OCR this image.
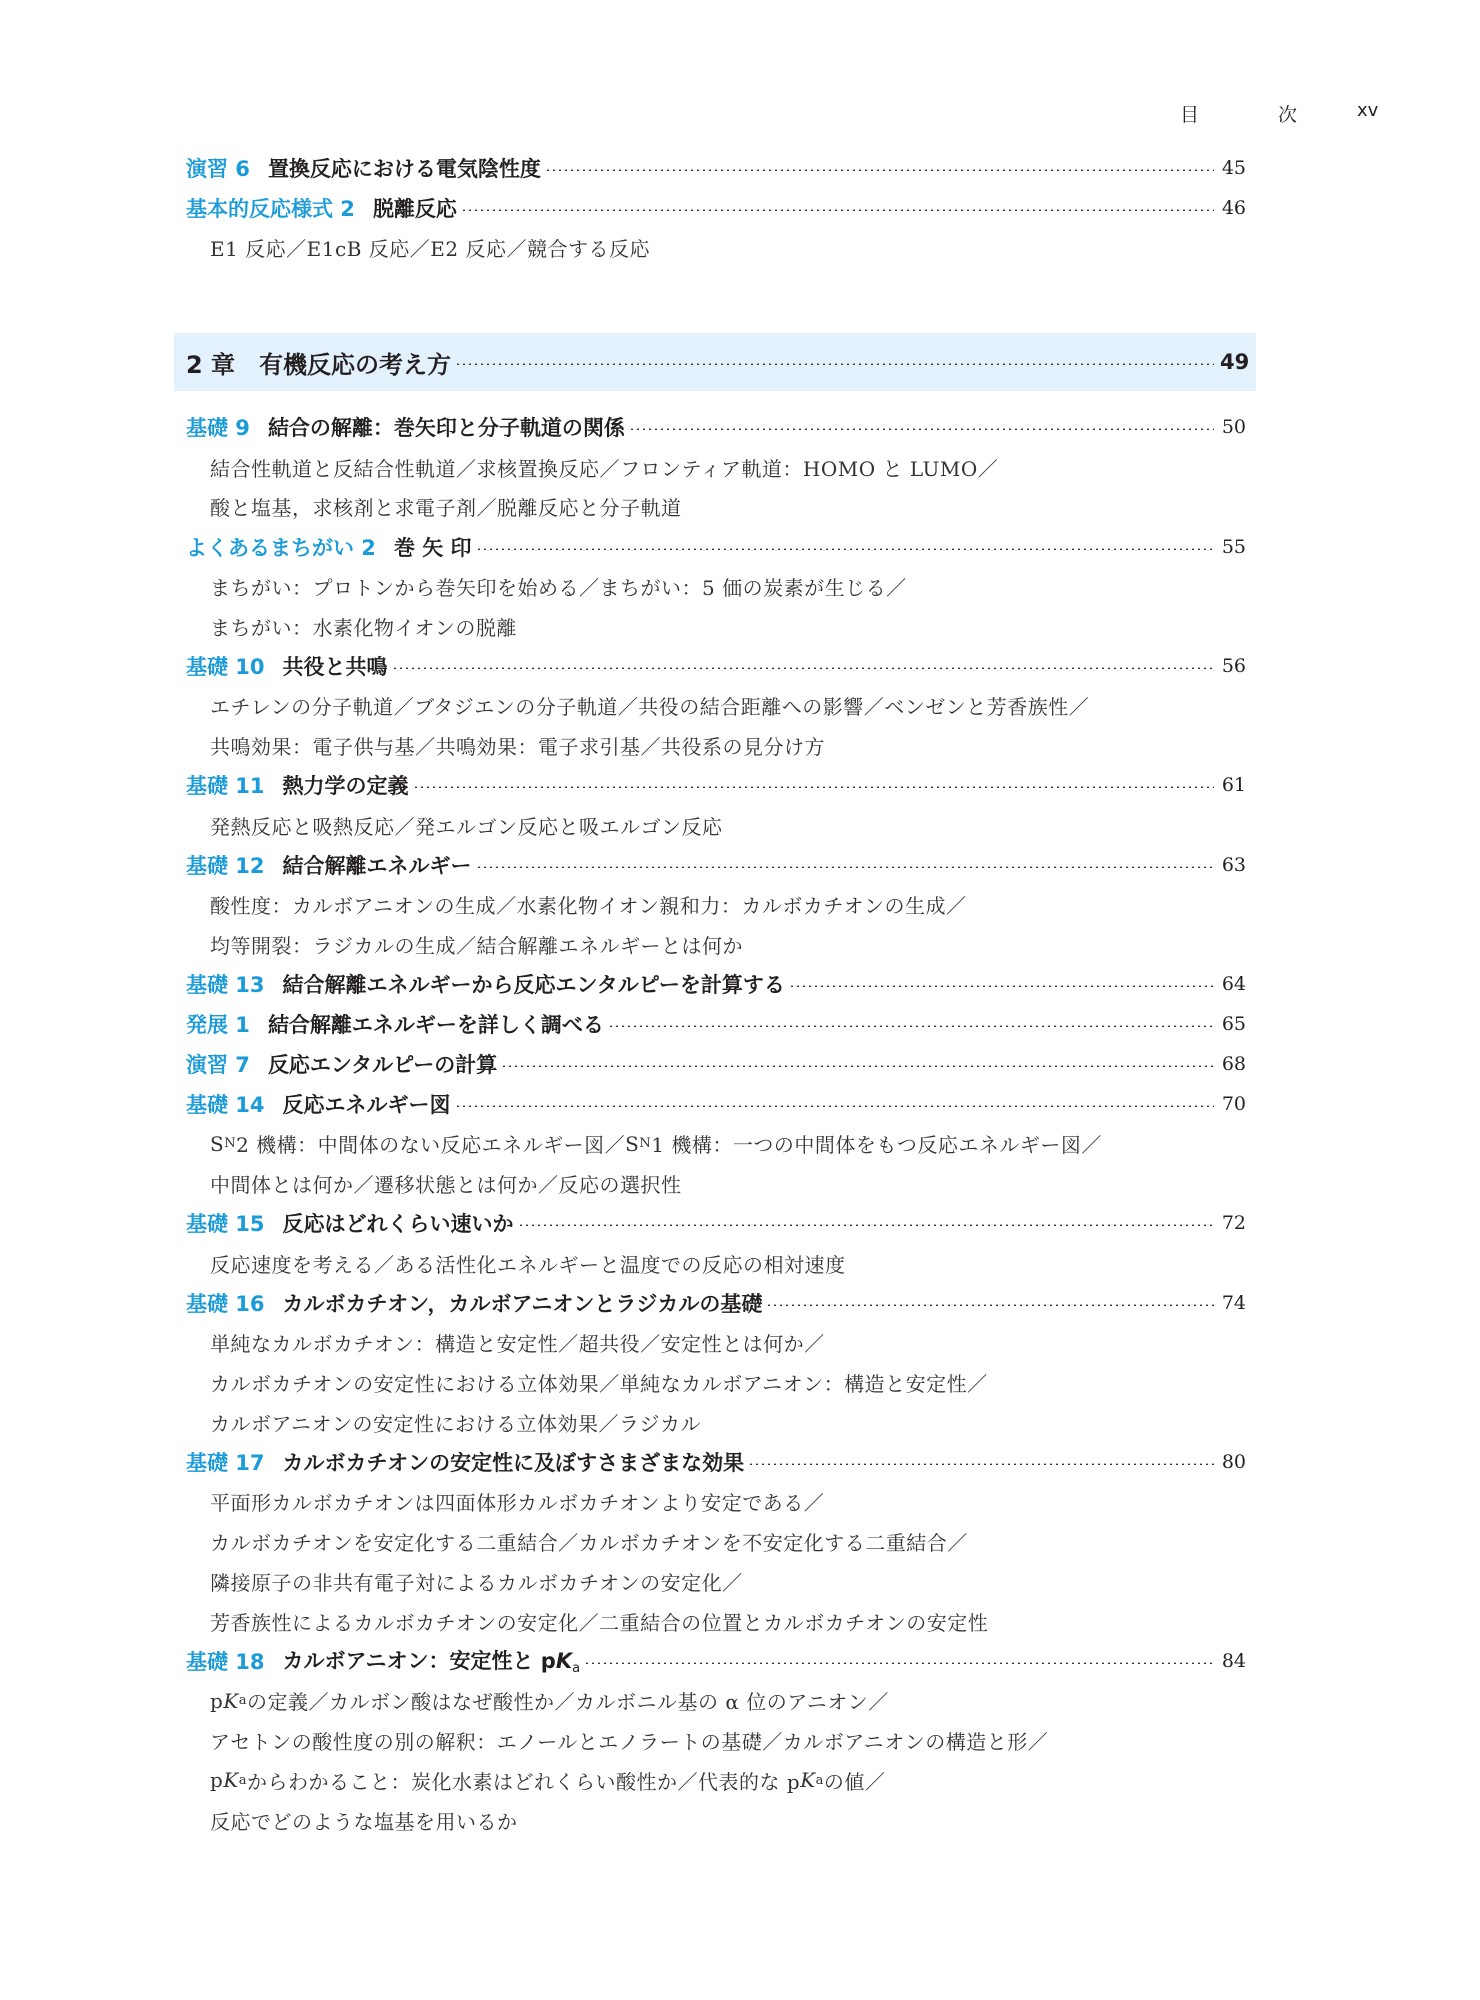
目	次	xv
演習 6 置換反応における電気陰性度	45
基本的反応様式 2 脱離反応	46
E1 反応／E1cB 反応／E2 反応／競合する反応
2 章 有機反応の考え方	49
基礎 9 結合の解離：巻矢印と分子軌道の関係	50
結合性軌道と反結合性軌道／求核置換反応／フロンティア軌道：HOMO と LUMO／
酸と塩基，求核剤と求電子剤／脱離反応と分子軌道
よくあるまちがい 2 巻 矢 印	55
まちがい：プロトンから巻矢印を始める／まちがい：5 価の炭素が生じる／
まちがい：水素化物イオンの脱離
基礎 10 共役と共鳴	56
エチレンの分子軌道／ブタジエンの分子軌道／共役の結合距離への影響／ベンゼンと芳香族性／
共鳴効果：電子供与基／共鳴効果：電子求引基／共役系の見分け方
基礎 11 熱力学の定義	61
発熱反応と吸熱反応／発エルゴン反応と吸エルゴン反応
基礎 12 結合解離エネルギー	63
酸性度：カルボアニオンの生成／水素化物イオン親和力：カルボカチオンの生成／
均等開裂：ラジカルの生成／結合解離エネルギーとは何か
基礎 13 結合解離エネルギーから反応エンタルピーを計算する	64
発展 1 結合解離エネルギーを詳しく調べる	65
演習 7 反応エンタルピーの計算	68
基礎 14 反応エネルギー図	70
S N 2 機構：中間体のない反応エネルギー図／ S N 1 機構：一つの中間体をもつ反応エネルギー図／
中間体とは何か／遷移状態とは何か／反応の選択性
基礎 15 反応はどれくらい速いか	72
反応速度を考える／ある活性化エネルギーと温度での反応の相対速度
基礎 16 カルボカチオン，カルボアニオンとラジカルの基礎	74
単純なカルボカチオン：構造と安定性／超共役／安定性とは何か／
カルボカチオンの安定性における立体効果／単純なカルボアニオン：構造と安定性／
カルボアニオンの安定性における立体効果／ラジカル
基礎 17 カルボカチオンの安定性に及ぼすさまざまな効果	80
平面形カルボカチオンは四面体形カルボカチオンより安定である／
カルボカチオンを安定化する二重結合／カルボカチオンを不安定化する二重結合／
隣接原子の非共有電子対によるカルボカチオンの安定化／
芳香族性によるカルボカチオンの安定化／二重結合の位置とカルボカチオンの安定性
基礎 18 カルボアニオン：安定性と $pK_a$	84
p K a の定義／カルボン酸はなぜ酸性か／カルボニル基の α 位のアニオン／
アセトンの酸性度の別の解釈：エノールとエノラートの基礎／カルボアニオンの構造と形／
p K a からわかること：炭化水素はどれくらい酸性か／代表的な p K a の値／
反応でどのような塩基を用いるか
